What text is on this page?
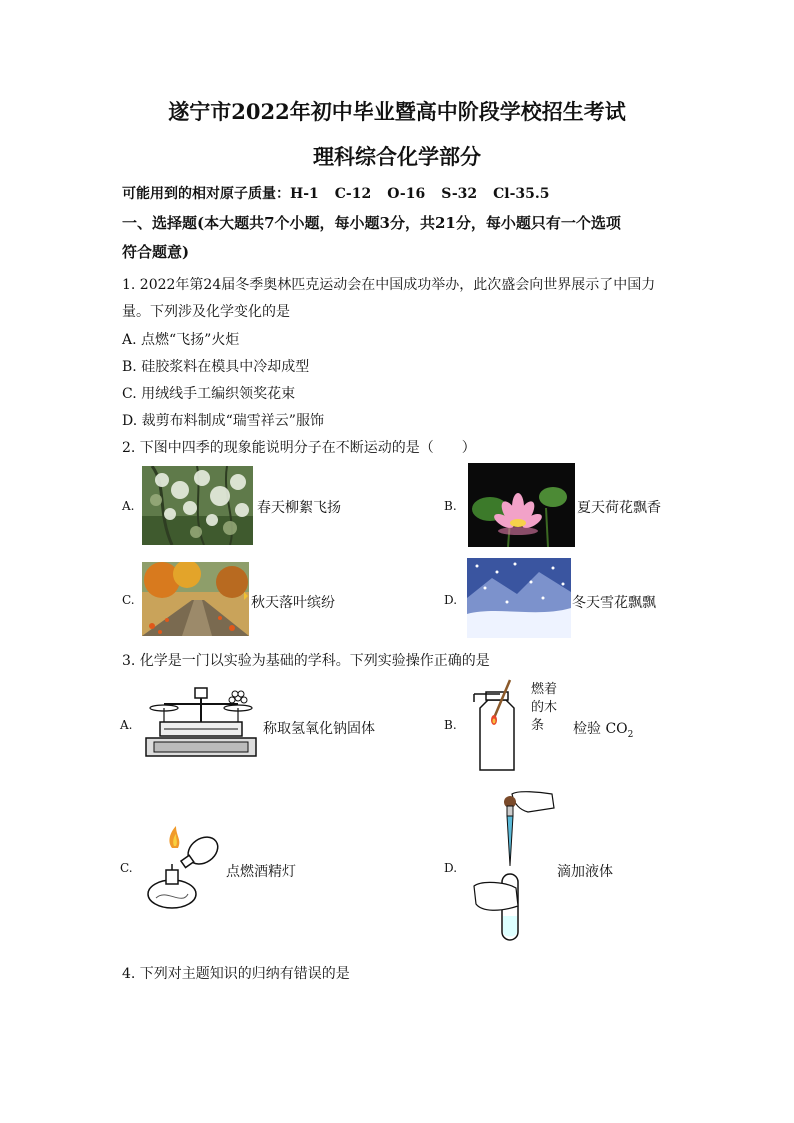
遂宁市2022年初中毕业暨高中阶段学校招生考试
理科综合化学部分
可能用到的相对原子质量：H-1 C-12 O-16 S-32 Cl-35.5
一、选择题(本大题共7个小题，每小题3分，共21分，每小题只有一个选项
符合题意)
1. 2022年第24届冬季奥林匹克运动会在中国成功举办，此次盛会向世界展示了中国力
量。下列涉及化学变化的是
A. 点燃“飞扬”火炬
B. 硅胶浆料在模具中冷却成型
C. 用绒线手工编织领奖花束
D. 裁剪布料制成“瑞雪祥云”服饰
2. 下图中四季的现象能说明分子在不断运动的是（　　）
A.	春天柳絮飞扬	B.	夏天荷花飘香
C.	秋天落叶缤纷	D.	冬天雪花飘飘
3. 化学是一门以实验为基础的学科。下列实验操作正确的是
A.	称取氢氧化钠固体	B.
燃着
的木
条	检验 $CO_2$
C.	点燃酒精灯	D.	滴加液体
4. 下列对主题知识的归纳有错误的是
